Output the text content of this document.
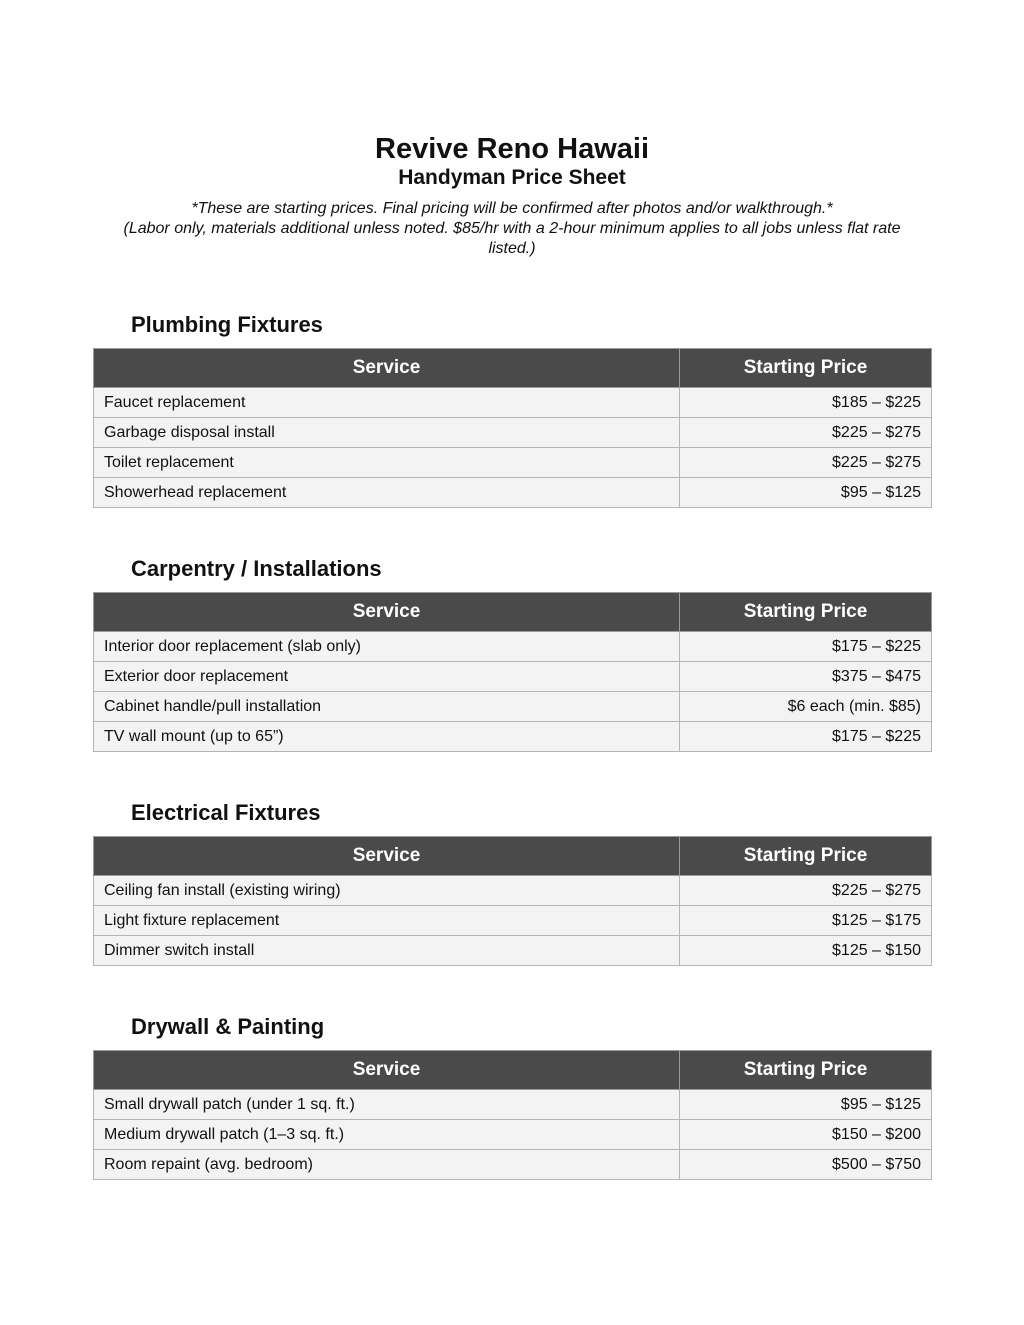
Revive Reno Hawaii
Handyman Price Sheet
*These are starting prices. Final pricing will be confirmed after photos and/or walkthrough.*
(Labor only, materials additional unless noted. $85/hr with a 2-hour minimum applies to all jobs unless flat rate listed.)
Plumbing Fixtures
Service	Starting Price
Faucet replacement	$185 – $225
Garbage disposal install	$225 – $275
Toilet replacement	$225 – $275
Showerhead replacement	$95 – $125
Carpentry / Installations
Service	Starting Price
Interior door replacement (slab only)	$175 – $225
Exterior door replacement	$375 – $475
Cabinet handle/pull installation	$6 each (min. $85)
TV wall mount (up to 65”)	$175 – $225
Electrical Fixtures
Service	Starting Price
Ceiling fan install (existing wiring)	$225 – $275
Light fixture replacement	$125 – $175
Dimmer switch install	$125 – $150
Drywall & Painting
Service	Starting Price
Small drywall patch (under 1 sq. ft.)	$95 – $125
Medium drywall patch (1–3 sq. ft.)	$150 – $200
Room repaint (avg. bedroom)	$500 – $750
